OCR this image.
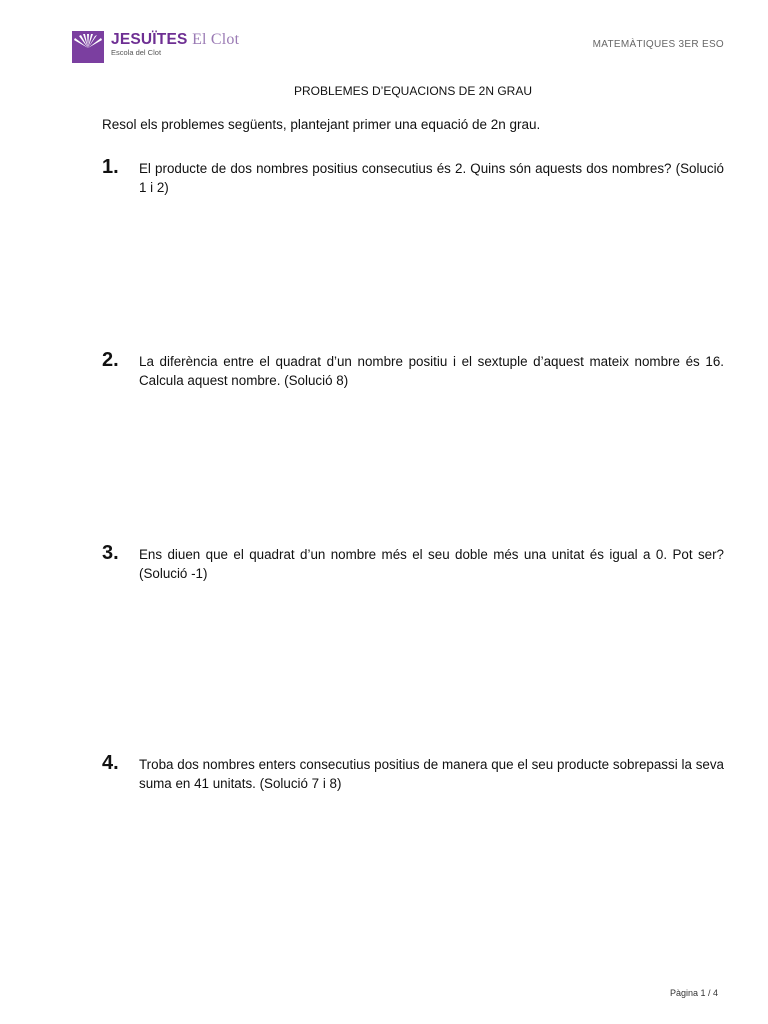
JESUÏTES El Clot
Escola del Clot
MATEMÀTIQUES 3ER ESO
PROBLEMES D’EQUACIONS DE 2N GRAU
Resol els problemes següents, plantejant primer una equació de 2n grau.
1. El producte de dos nombres positius consecutius és 2. Quins són aquests dos nombres? (Solució 1 i 2)
2. La diferència entre el quadrat d’un nombre positiu i el sextuple d’aquest mateix nombre és 16. Calcula aquest nombre. (Solució 8)
3. Ens diuen que el quadrat d’un nombre més el seu doble més una unitat és igual a 0. Pot ser? (Solució -1)
4. Troba dos nombres enters consecutius positius de manera que el seu producte sobrepassi la seva suma en 41 unitats. (Solució 7 i 8)
Pàgina 1 / 4
